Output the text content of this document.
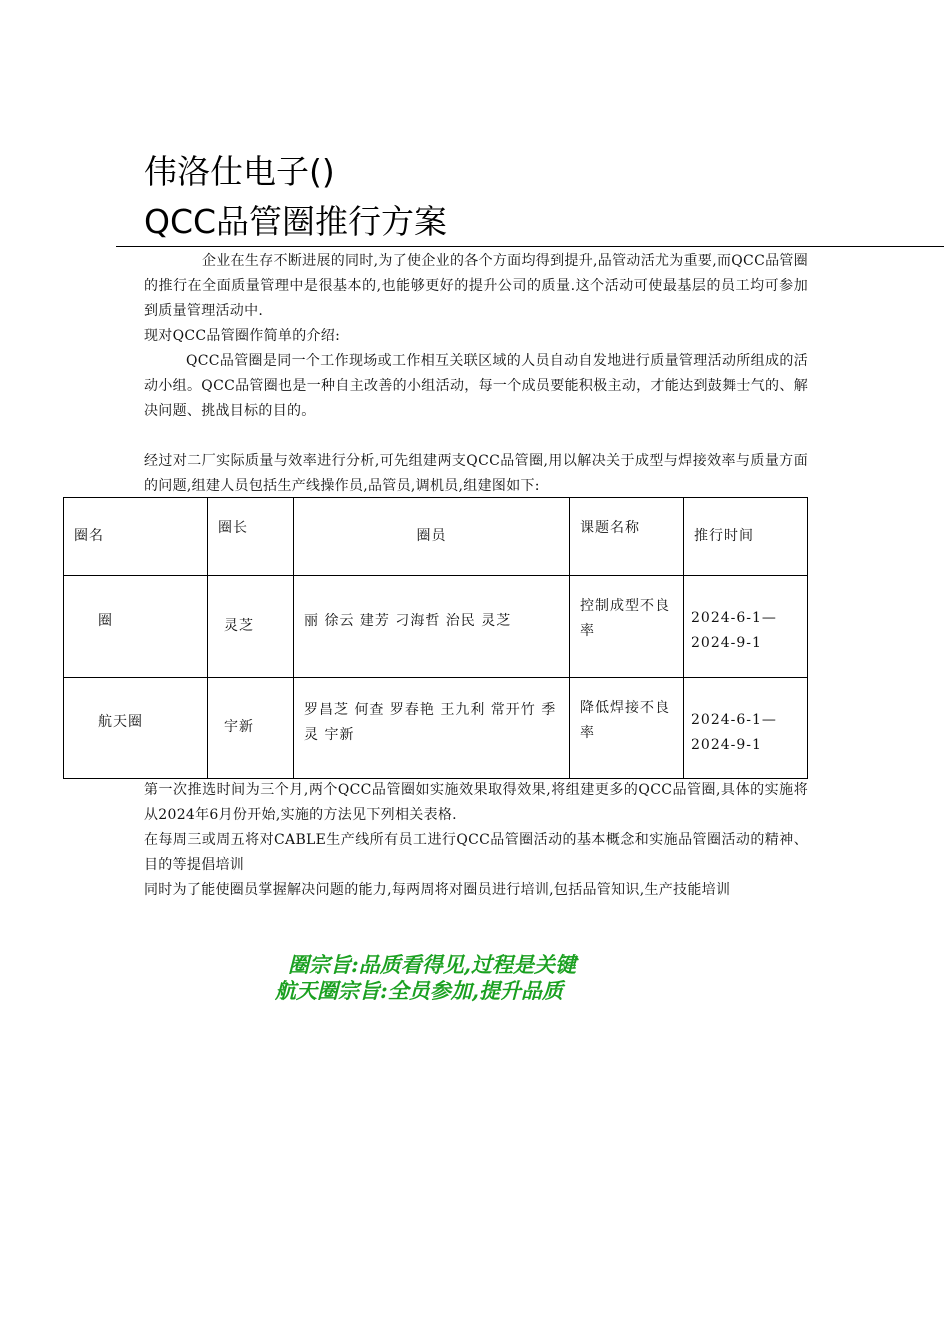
伟洛仕电子()
QCC品管圈推行方案

企业在生存不断进展的同时,为了使企业的各个方面均得到提升,品管动活尤为重要,而QCC品管圈的推行在全面质量管理中是很基本的,也能够更好的提升公司的质量.这个活动可使最基层的员工均可参加到质量管理活动中.

现对QCC品管圈作简单的介绍:

QCC品管圈是同一个工作现场或工作相互关联区域的人员自动自发地进行质量管理活动所组成的活动小组。QCC品管圈也是一种自主改善的小组活动，每一个成员要能积极主动，才能达到鼓舞士气的、解决问题、挑战目标的目的。

经过对二厂实际质量与效率进行分析,可先组建两支QCC品管圈,用以解决关于成型与焊接效率与质量方面的问题,组建人员包括生产线操作员,品管员,调机员,组建图如下:

圈名	圈长	圈员	课题名称	推行时间
圈	灵芝	丽 徐云 建芳 刁海哲 治民 灵芝	控制成型不良率	2024-6-1—2024-9-1
航天圈	宇新	罗昌芝 何查 罗春艳 王九利 常开竹 季灵 宇新	降低焊接不良率	2024-6-1—2024-9-1

第一次推选时间为三个月,两个QCC品管圈如实施效果取得效果,将组建更多的QCC品管圈,具体的实施将从2024年6月份开始,实施的方法见下列相关表格.

在每周三或周五将对CABLE生产线所有员工进行QCC品管圈活动的基本概念和实施品管圈活动的精神、目的等提倡培训

同时为了能使圈员掌握解决问题的能力,每两周将对圈员进行培训,包括品管知识,生产技能培训

圈宗旨:品质看得见,过程是关键

航天圈宗旨:全员参加,提升品质
